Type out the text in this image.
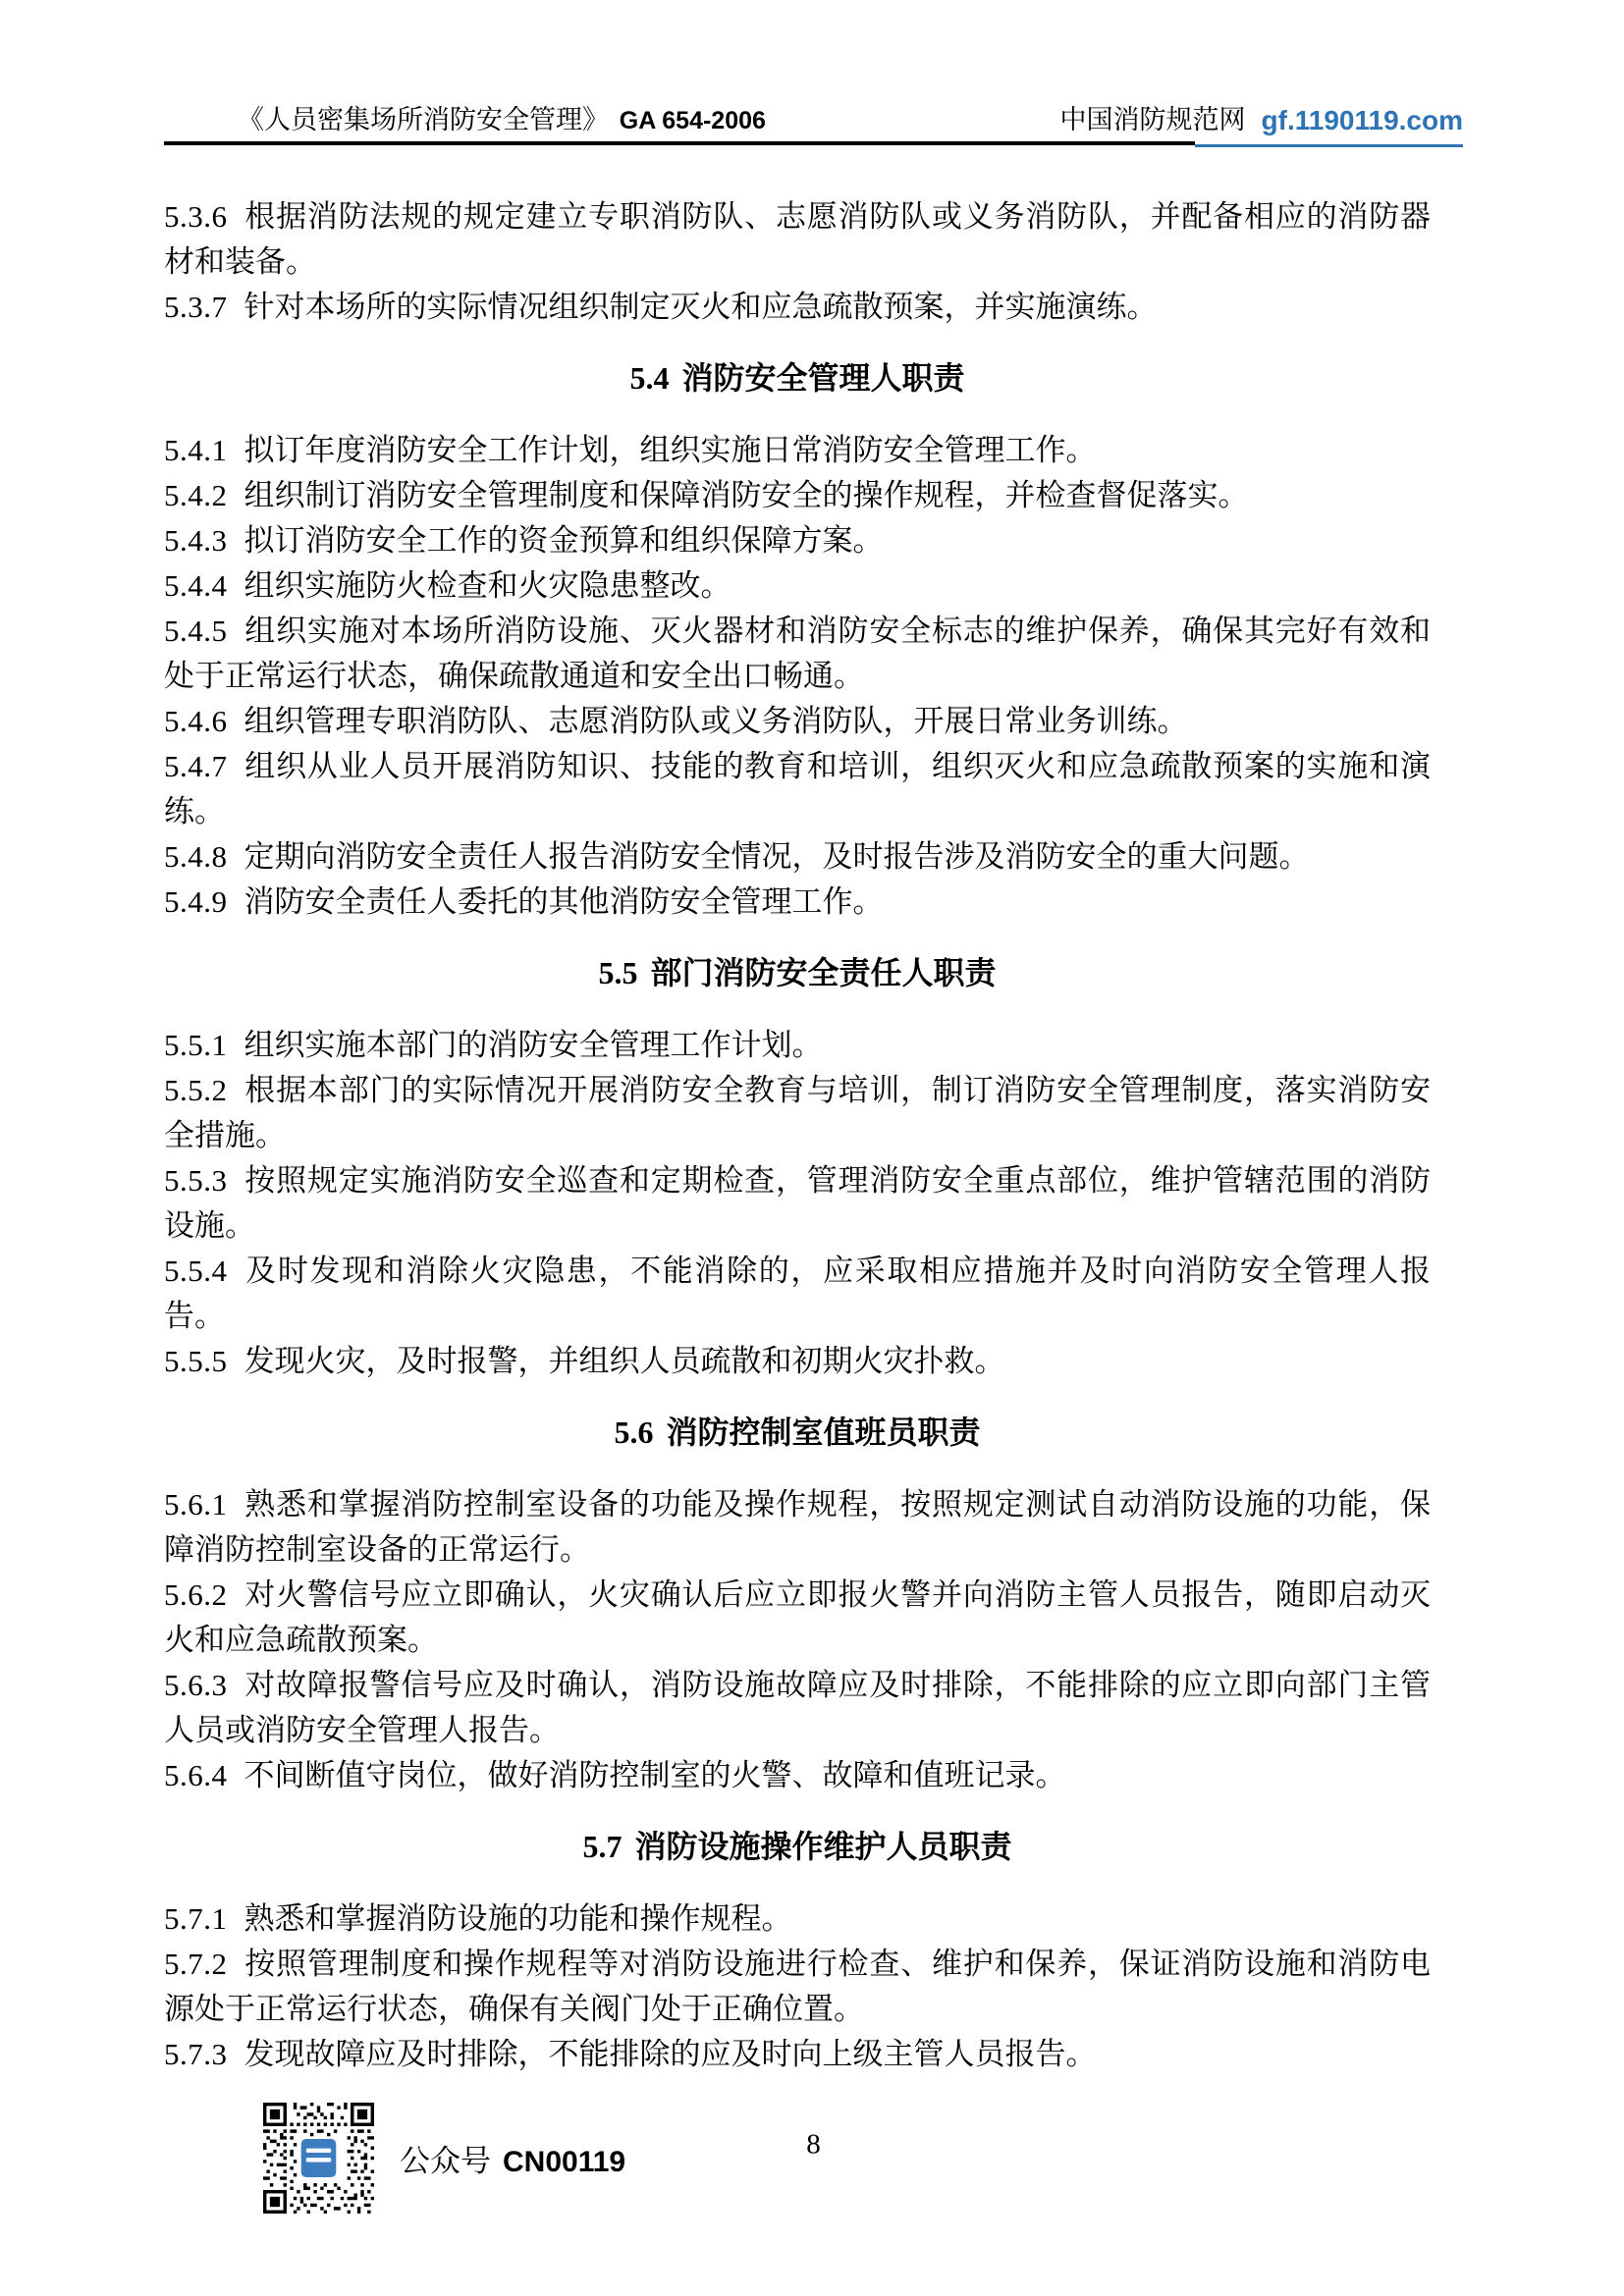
《人员密集场所消防安全管理》 GA 654-2006	中国消防规范网 gf.1190119.com

5.3.6 根据消防法规的规定建立专职消防队、志愿消防队或义务消防队，并配备相应的消防器材和装备。

5.3.7 针对本场所的实际情况组织制定灭火和应急疏散预案，并实施演练。

5.4 消防安全管理人职责

5.4.1 拟订年度消防安全工作计划，组织实施日常消防安全管理工作。

5.4.2 组织制订消防安全管理制度和保障消防安全的操作规程，并检查督促落实。

5.4.3 拟订消防安全工作的资金预算和组织保障方案。

5.4.4 组织实施防火检查和火灾隐患整改。

5.4.5 组织实施对本场所消防设施、灭火器材和消防安全标志的维护保养，确保其完好有效和处于正常运行状态，确保疏散通道和安全出口畅通。

5.4.6 组织管理专职消防队、志愿消防队或义务消防队，开展日常业务训练。

5.4.7 组织从业人员开展消防知识、技能的教育和培训，组织灭火和应急疏散预案的实施和演练。

5.4.8 定期向消防安全责任人报告消防安全情况，及时报告涉及消防安全的重大问题。

5.4.9 消防安全责任人委托的其他消防安全管理工作。

5.5 部门消防安全责任人职责

5.5.1 组织实施本部门的消防安全管理工作计划。

5.5.2 根据本部门的实际情况开展消防安全教育与培训，制订消防安全管理制度，落实消防安全措施。

5.5.3 按照规定实施消防安全巡查和定期检查，管理消防安全重点部位，维护管辖范围的消防设施。

5.5.4 及时发现和消除火灾隐患，不能消除的，应采取相应措施并及时向消防安全管理人报告。

5.5.5 发现火灾，及时报警，并组织人员疏散和初期火灾扑救。

5.6 消防控制室值班员职责

5.6.1 熟悉和掌握消防控制室设备的功能及操作规程，按照规定测试自动消防设施的功能，保障消防控制室设备的正常运行。

5.6.2 对火警信号应立即确认，火灾确认后应立即报火警并向消防主管人员报告，随即启动灭火和应急疏散预案。

5.6.3 对故障报警信号应及时确认，消防设施故障应及时排除，不能排除的应立即向部门主管人员或消防安全管理人报告。

5.6.4 不间断值守岗位，做好消防控制室的火警、故障和值班记录。

5.7 消防设施操作维护人员职责

5.7.1 熟悉和掌握消防设施的功能和操作规程。

5.7.2 按照管理制度和操作规程等对消防设施进行检查、维护和保养，保证消防设施和消防电源处于正常运行状态，确保有关阀门处于正确位置。

5.7.3 发现故障应及时排除，不能排除的应及时向上级主管人员报告。

公众号 CN00119
8
